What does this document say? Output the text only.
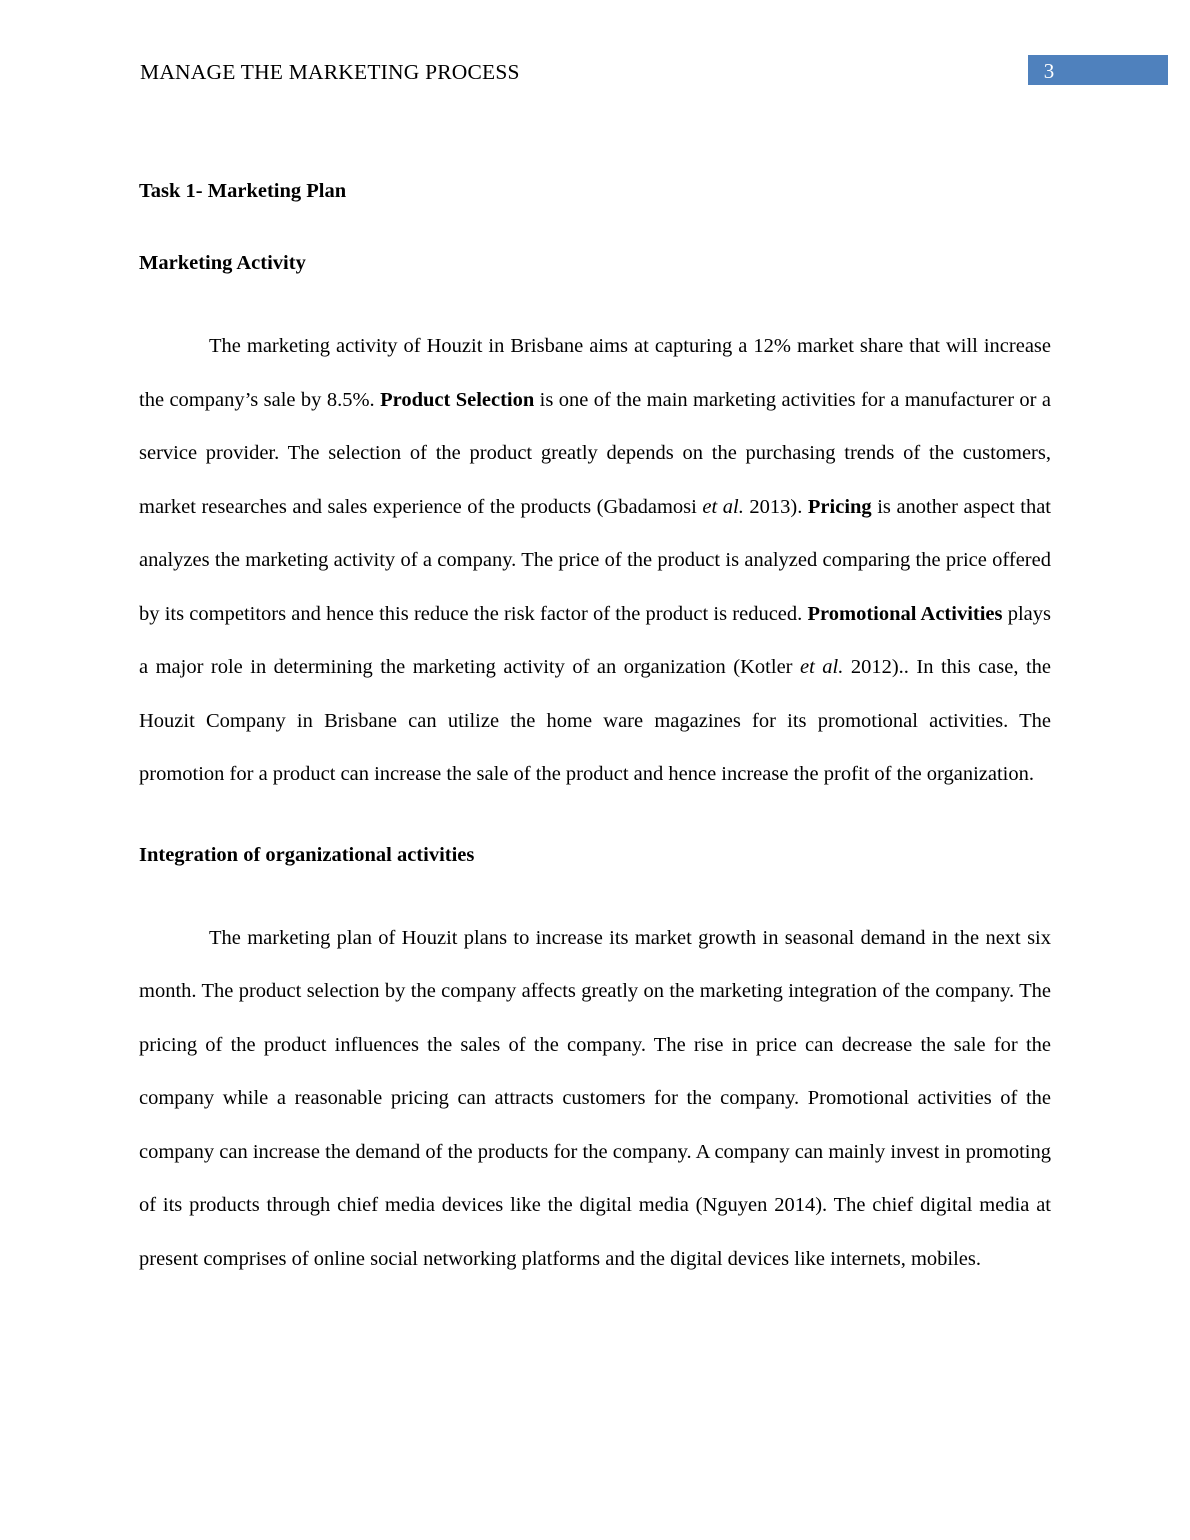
MANAGE THE MARKETING PROCESS	3
Task 1- Marketing Plan
Marketing Activity

The marketing activity of Houzit in Brisbane aims at capturing a 12% market share that will increase the company’s sale by 8.5%. Product Selection is one of the main marketing activities for a manufacturer or a service provider. The selection of the product greatly depends on the purchasing trends of the customers, market researches and sales experience of the products (Gbadamosi et al. 2013). Pricing is another aspect that analyzes the marketing activity of a company. The price of the product is analyzed comparing the price offered by its competitors and hence this reduce the risk factor of the product is reduced. Promotional Activities plays a major role in determining the marketing activity of an organization (Kotler et al. 2012).. In this case, the Houzit Company in Brisbane can utilize the home ware magazines for its promotional activities. The promotion for a product can increase the sale of the product and hence increase the profit of the organization.

Integration of organizational activities

The marketing plan of Houzit plans to increase its market growth in seasonal demand in the next six month. The product selection by the company affects greatly on the marketing integration of the company. The pricing of the product influences the sales of the company. The rise in price can decrease the sale for the company while a reasonable pricing can attracts customers for the company. Promotional activities of the company can increase the demand of the products for the company. A company can mainly invest in promoting of its products through chief media devices like the digital media (Nguyen 2014). The chief digital media at present comprises of online social networking platforms and the digital devices like internets, mobiles.
